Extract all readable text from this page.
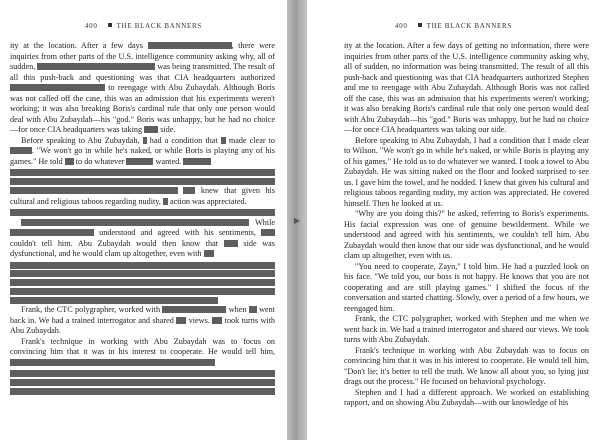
400	THE BLACK BANNERS

ity at the location. After a few days	, there were inquiries from other parts of the U.S. intelligence community asking why, all of sudden,	was being transmitted. The result of all this push-back and questioning was that CIA headquarters authorized  to reengage with Abu Zubaydah. Although Boris was not called off the case, this was an admission that his experiments weren't working; it was also breaking Boris's cardinal rule that only one person would deal with Abu Zubaydah—his "god." Boris was unhappy, but he had no choice—for once CIA headquarters was taking side.

Before speaking to Abu Zubaydah, had a condition that made clear to . "We won't go in while he's naked, or while Boris is playing any of his games." He told to do whatever	wanted.
knew that given his cultural and religious taboos regarding nudity, action was appreciated.

While  understood and agreed with his sentiments,  couldn't tell him. Abu Zubaydah would then know that	side was dysfunctional, and he would clam up altogether, even with

Frank, the CTC polygrapher, worked with	when went back in. We had a trained interrogator and shared views. took turns with Abu Zubaydah.

Frank's technique in working with Abu Zubaydah was to focus on convincing him that it was in his interest to cooperate. He would tell him,

▶
400	THE BLACK BANNERS

ity at the location. After a few days of getting no information, there were inquiries from other parts of the U.S. intelligence community asking why, all of sudden, no information was being transmitted. The result of all this push-back and questioning was that CIA headquarters authorized Stephen and me to reengage with Abu Zubaydah. Although Boris was not called off the case, this was an admission that his experiments weren't working; it was also breaking Boris's cardinal rule that only one person would deal with Abu Zubaydah—his "god." Boris was unhappy, but he had no choice—for once CIA headquarters was taking our side.

Before speaking to Abu Zubaydah, I had a condition that I made clear to Wilson. "We won't go in while he's naked, or while Boris is playing any of his games." He told us to do whatever we wanted. I took a towel to Abu Zubaydah. He was sitting naked on the floor and looked surprised to see us. I gave him the towel, and he nodded. I knew that given his cultural and religious taboos regarding nudity, my action was appreciated. He covered himself. Then he looked at us.

"Why are you doing this?" he asked, referring to Boris's experiments. His facial expression was one of genuine bewilderment. While we understood and agreed with his sentiments, we couldn't tell him. Abu Zubaydah would then know that our side was dysfunctional, and he would clam up altogether, even with us.

"You need to cooperate, Zayn," I told him. He had a puzzled look on his face. "We told you, our boss is not happy. He knows that you are not cooperating and are still playing games." I shifted the focus of the conversation and started chatting. Slowly, over a period of a few hours, we reengaged him.

Frank, the CTC polygrapher, worked with Stephen and me when we went back in. We had a trained interrogator and shared our views. We took turns with Abu Zubaydah.

Frank's technique in working with Abu Zubaydah was to focus on convincing him that it was in his interest to cooperate. He would tell him, "Don't lie; it's better to tell the truth. We know all about you, so lying just drags out the process." He focused on behavioral psychology.

Stephen and I had a different approach. We worked on establishing rapport, and on showing Abu Zubaydah—with our knowledge of his
